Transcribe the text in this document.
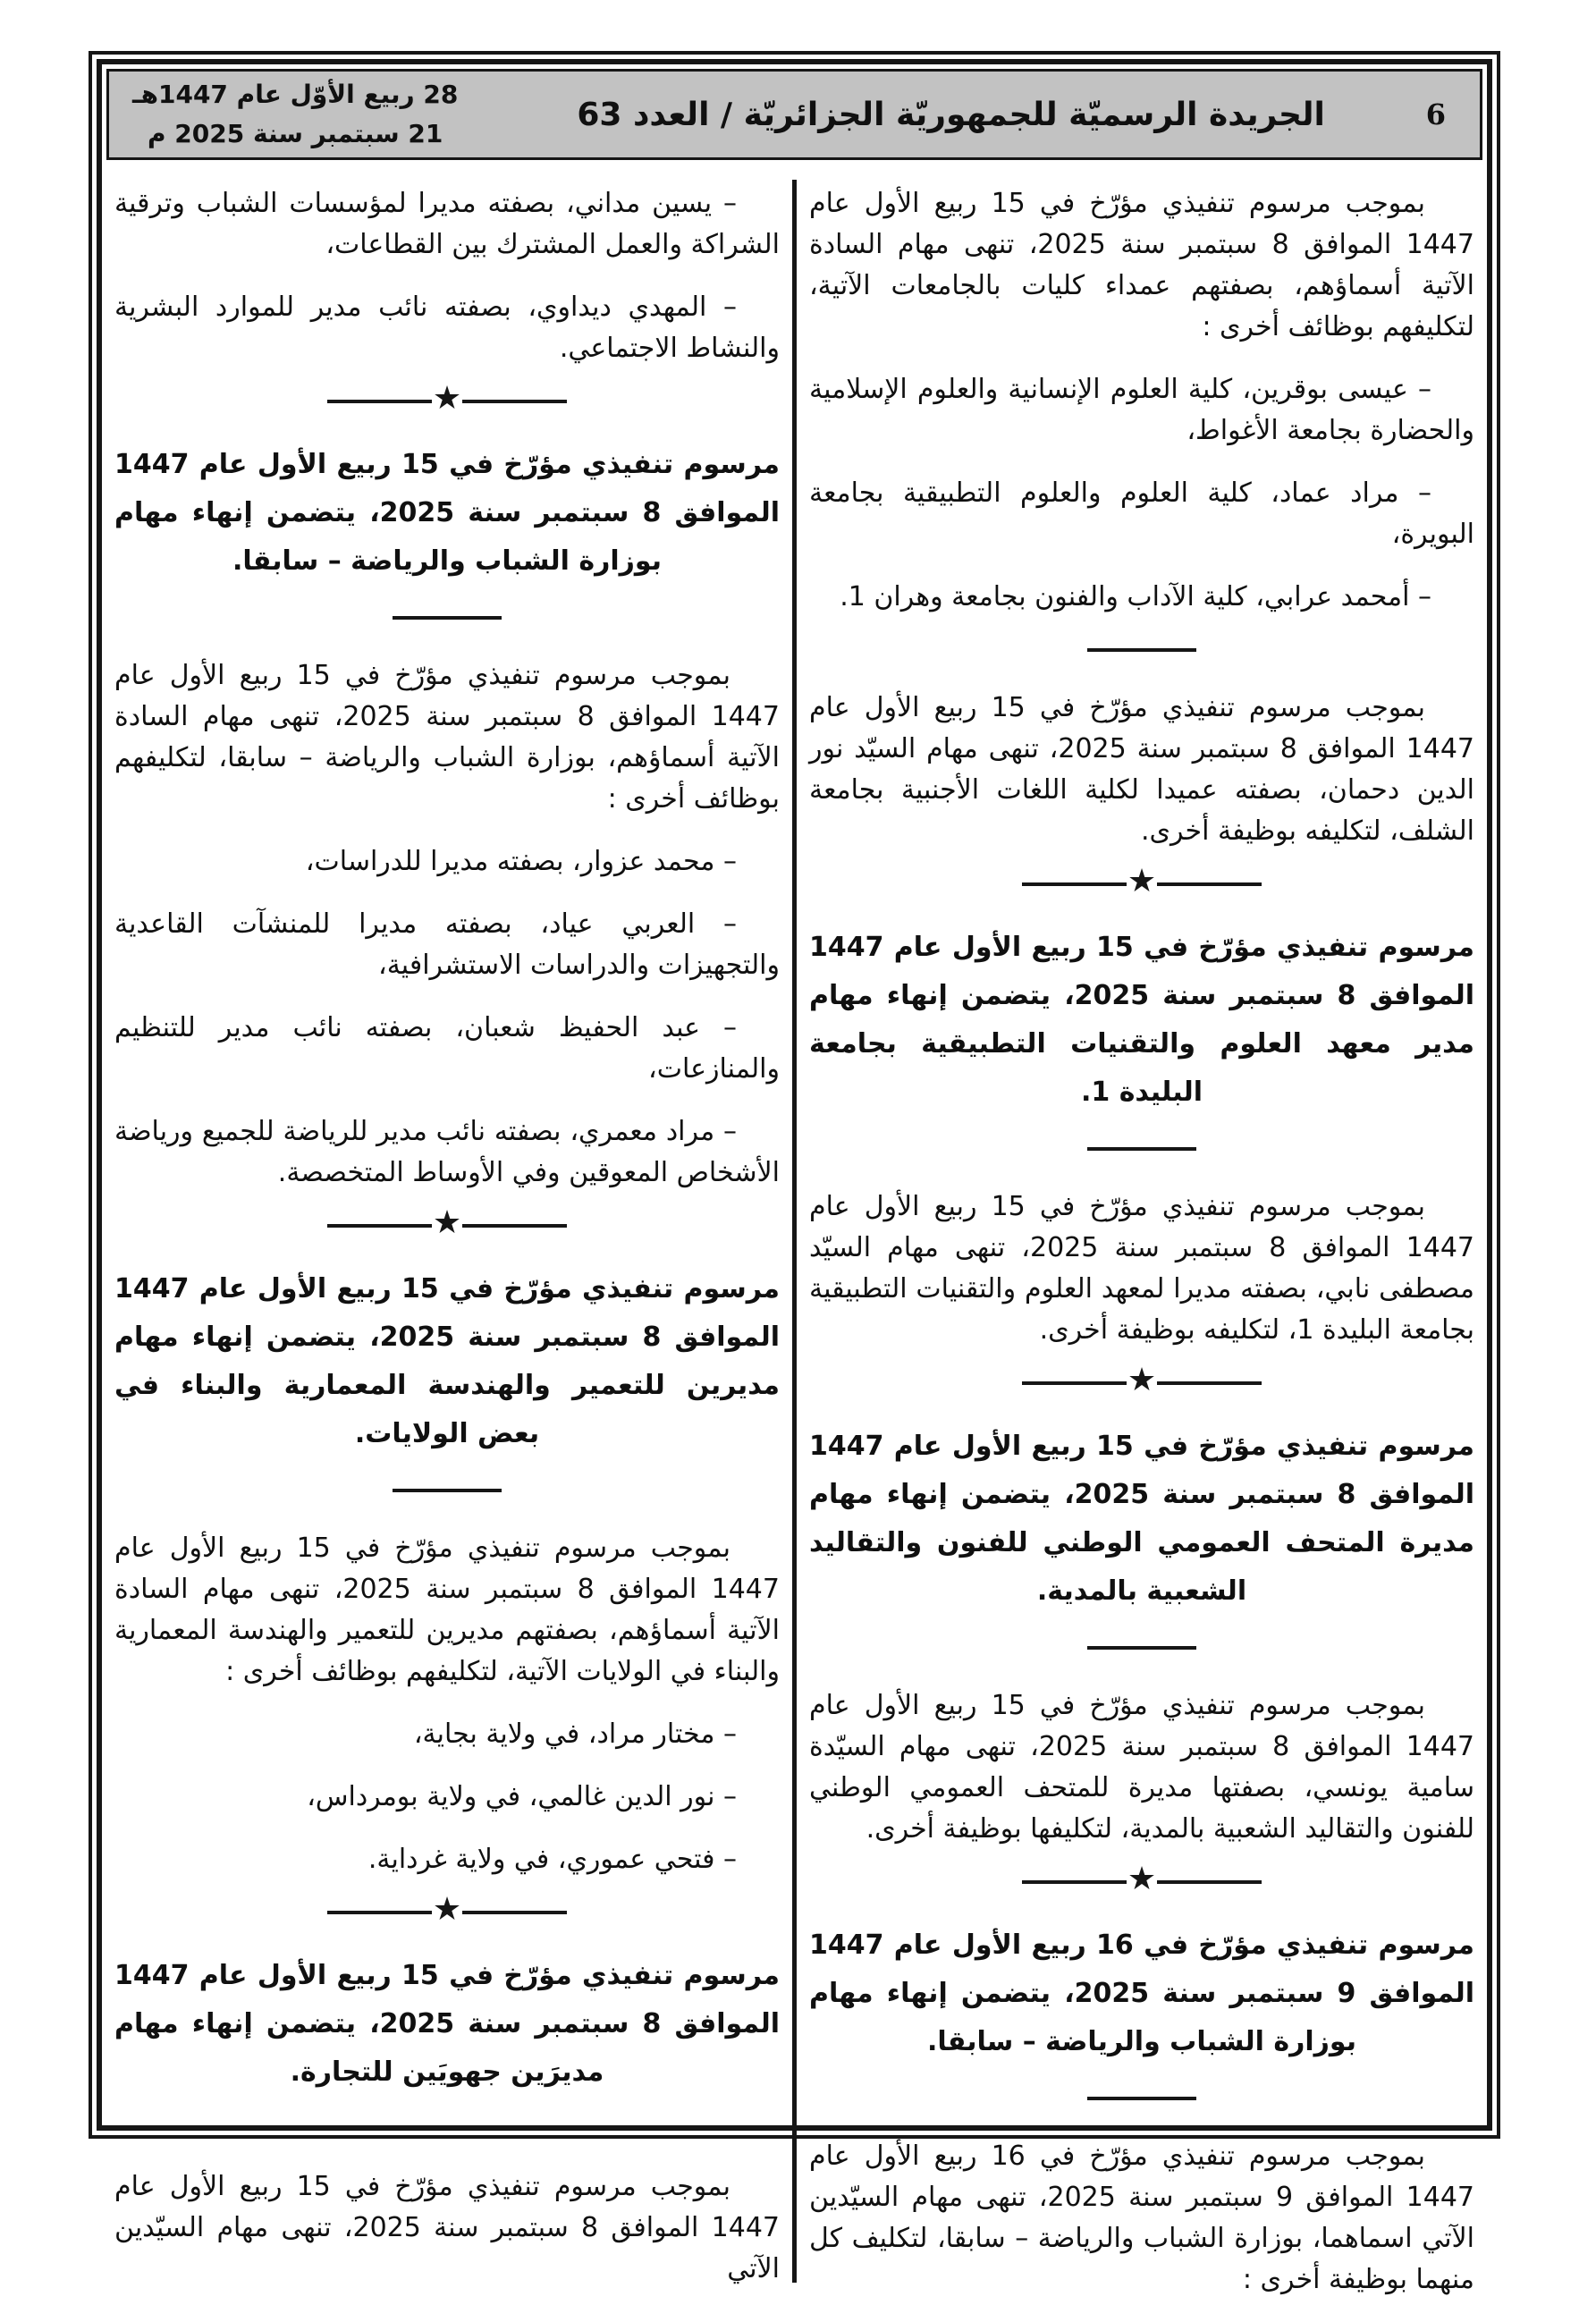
28 ربيع الأوّل عام 1447هـ
21 سبتمبر سنة 2025 م
الجريدة الرسميّة للجمهوريّة الجزائريّة / العدد 63	6

– يسين مداني، بصفته مديرا لمؤسسات الشباب وترقية الشراكة والعمل المشترك بين القطاعات،

– المهدي ديداوي، بصفته نائب مدير للموارد البشرية والنشاط الاجتماعي.

★

مرسوم تنفيذي مؤرّخ في 15 ربيع الأول عام 1447 الموافق 8 سبتمبر سنة 2025، يتضمن إنهاء مهام بوزارة الشباب والرياضة – سابقا.

بموجب مرسوم تنفيذي مؤرّخ في 15 ربيع الأول عام 1447 الموافق 8 سبتمبر سنة 2025، تنهى مهام السادة الآتية أسماؤهم، بوزارة الشباب والرياضة – سابقا، لتكليفهم بوظائف أخرى :

– محمد عزوار، بصفته مديرا للدراسات،

– العربي عياد، بصفته مديرا للمنشآت القاعدية والتجهيزات والدراسات الاستشرافية،

– عبد الحفيظ شعبان، بصفته نائب مدير للتنظيم والمنازعات،

– مراد معمري، بصفته نائب مدير للرياضة للجميع ورياضة الأشخاص المعوقين وفي الأوساط المتخصصة.

★

مرسوم تنفيذي مؤرّخ في 15 ربيع الأول عام 1447 الموافق 8 سبتمبر سنة 2025، يتضمن إنهاء مهام مديرين للتعمير والهندسة المعمارية والبناء في بعض الولايات.

بموجب مرسوم تنفيذي مؤرّخ في 15 ربيع الأول عام 1447 الموافق 8 سبتمبر سنة 2025، تنهى مهام السادة الآتية أسماؤهم، بصفتهم مديرين للتعمير والهندسة المعمارية والبناء في الولايات الآتية، لتكليفهم بوظائف أخرى :

– مختار مراد، في ولاية بجاية،

– نور الدين غالمي، في ولاية بومرداس،

– فتحي عموري، في ولاية غرداية.

★

مرسوم تنفيذي مؤرّخ في 15 ربيع الأول عام 1447 الموافق 8 سبتمبر سنة 2025، يتضمن إنهاء مهام مديرَين جهويَين للتجارة.

بموجب مرسوم تنفيذي مؤرّخ في 15 ربيع الأول عام 1447 الموافق 8 سبتمبر سنة 2025، تنهى مهام السيّدين الآتي

بموجب مرسوم تنفيذي مؤرّخ في 15 ربيع الأول عام 1447 الموافق 8 سبتمبر سنة 2025، تنهى مهام السادة الآتية أسماؤهم، بصفتهم عمداء كليات بالجامعات الآتية، لتكليفهم بوظائف أخرى :

– عيسى بوقرين، كلية العلوم الإنسانية والعلوم الإسلامية والحضارة بجامعة الأغواط،

– مراد عماد، كلية العلوم والعلوم التطبيقية بجامعة البويرة،

– أمحمد عرابي، كلية الآداب والفنون بجامعة وهران 1.

بموجب مرسوم تنفيذي مؤرّخ في 15 ربيع الأول عام 1447 الموافق 8 سبتمبر سنة 2025، تنهى مهام السيّد نور الدين دحمان، بصفته عميدا لكلية اللغات الأجنبية بجامعة الشلف، لتكليفه بوظيفة أخرى.

★

مرسوم تنفيذي مؤرّخ في 15 ربيع الأول عام 1447 الموافق 8 سبتمبر سنة 2025، يتضمن إنهاء مهام مدير معهد العلوم والتقنيات التطبيقية بجامعة البليدة 1.

بموجب مرسوم تنفيذي مؤرّخ في 15 ربيع الأول عام 1447 الموافق 8 سبتمبر سنة 2025، تنهى مهام السيّد مصطفى نابي، بصفته مديرا لمعهد العلوم والتقنيات التطبيقية بجامعة البليدة 1، لتكليفه بوظيفة أخرى.

★

مرسوم تنفيذي مؤرّخ في 15 ربيع الأول عام 1447 الموافق 8 سبتمبر سنة 2025، يتضمن إنهاء مهام مديرة المتحف العمومي الوطني للفنون والتقاليد الشعبية بالمدية.

بموجب مرسوم تنفيذي مؤرّخ في 15 ربيع الأول عام 1447 الموافق 8 سبتمبر سنة 2025، تنهى مهام السيّدة سامية يونسي، بصفتها مديرة للمتحف العمومي الوطني للفنون والتقاليد الشعبية بالمدية، لتكليفها بوظيفة أخرى.

★

مرسوم تنفيذي مؤرّخ في 16 ربيع الأول عام 1447 الموافق 9 سبتمبر سنة 2025، يتضمن إنهاء مهام بوزارة الشباب والرياضة – سابقا.

بموجب مرسوم تنفيذي مؤرّخ في 16 ربيع الأول عام 1447 الموافق 9 سبتمبر سنة 2025، تنهى مهام السيّدين الآتي اسماهما، بوزارة الشباب والرياضة – سابقا، لتكليف كل منهما بوظيفة أخرى :
